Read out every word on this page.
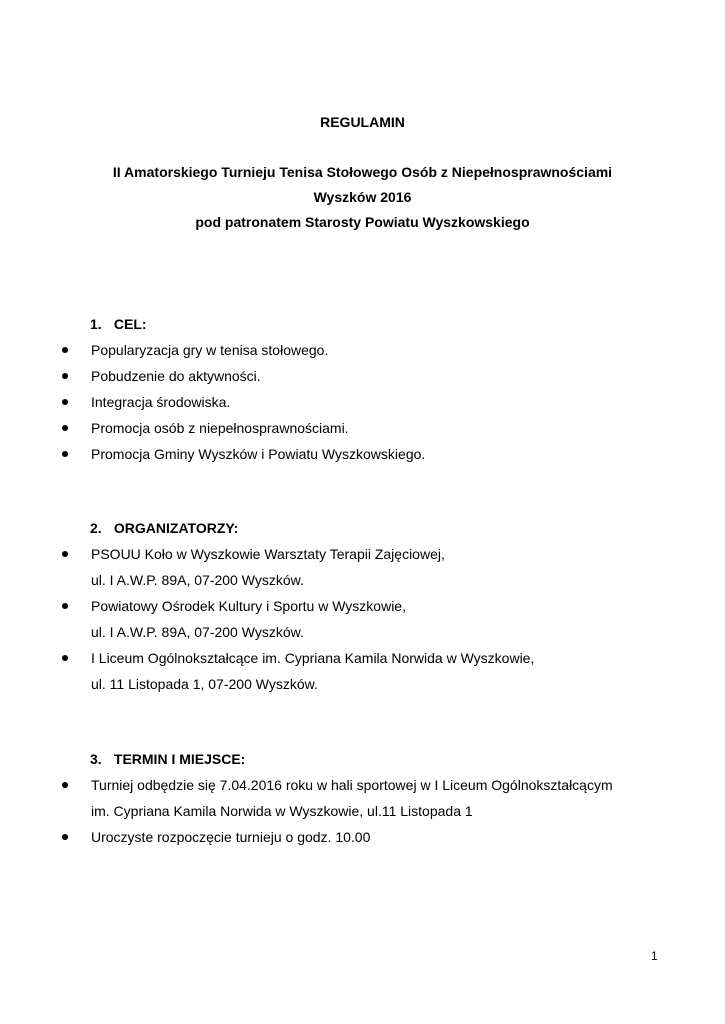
REGULAMIN
II Amatorskiego Turnieju Tenisa Stołowego Osób z Niepełnosprawnościami
Wyszków 2016
pod patronatem Starosty Powiatu Wyszkowskiego
1. CEL:
Popularyzacja gry w tenisa stołowego.
Pobudzenie do aktywności.
Integracja środowiska.
Promocja osób z niepełnosprawnościami.
Promocja Gminy Wyszków i Powiatu Wyszkowskiego.
2. ORGANIZATORZY:
PSOUU Koło w Wyszkowie Warsztaty Terapii Zajęciowej,
ul. I A.W.P. 89A, 07-200 Wyszków.
Powiatowy Ośrodek Kultury i Sportu w Wyszkowie,
ul. I A.W.P. 89A, 07-200 Wyszków.
I Liceum Ogólnokształcące im. Cypriana Kamila Norwida w Wyszkowie,
ul. 11 Listopada 1, 07-200 Wyszków.
3. TERMIN I MIEJSCE:
Turniej odbędzie się 7.04.2016 roku w hali sportowej w I Liceum Ogólnokształcącym
im. Cypriana Kamila Norwida w Wyszkowie, ul.11 Listopada 1
Uroczyste rozpoczęcie turnieju o godz. 10.00
1
